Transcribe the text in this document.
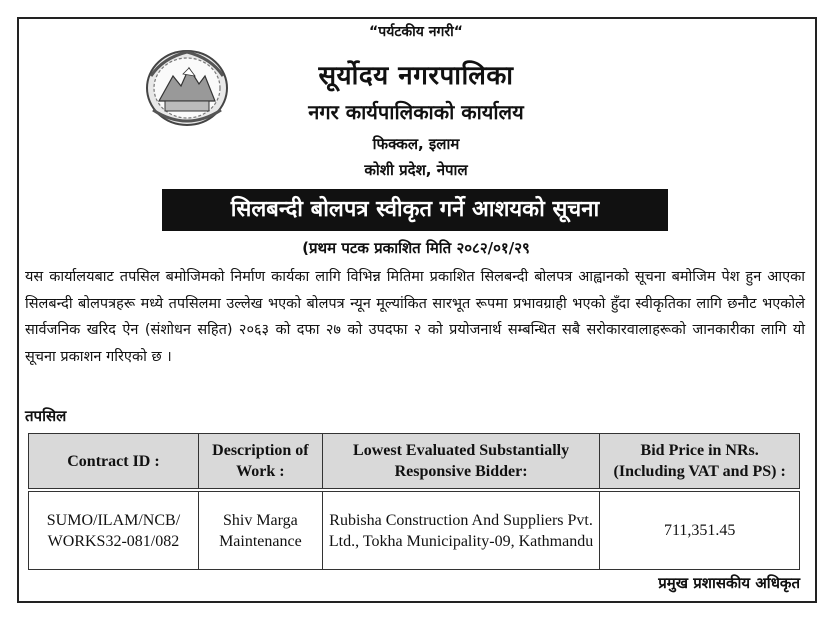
“पर्यटकीय नगरी“
सूर्योदय नगरपालिका
नगर कार्यपालिकाको कार्यालय
फिक्कल, इलाम
कोशी प्रदेश, नेपाल
सिलबन्दी बोलपत्र स्वीकृत गर्ने आशयको सूचना
(प्रथम पटक प्रकाशित मिति २०८२/०१/२९

यस कार्यालयबाट तपसिल बमोजिमको निर्माण कार्यका लागि विभिन्न मितिमा प्रकाशित सिलबन्दी बोलपत्र आह्वानको सूचना बमोजिम पेश हुन आएका सिलबन्दी बोलपत्रहरू मध्ये तपसिलमा उल्लेख भएको बोलपत्र न्यून मूल्यांकित सारभूत रूपमा प्रभावग्राही भएको हुँदा स्वीकृतिका लागि छनौट भएकोले सार्वजनिक खरिद ऐन (संशोधन सहित) २०६३ को दफा २७ को उपदफा २ को प्रयोजनार्थ सम्बन्धित सबै सरोकारवालाहरूको जानकारीका लागि यो सूचना प्रकाशन गरिएको छ ।

तपसिल
Contract ID :	Description of Work :	Lowest Evaluated Substantially Responsive Bidder:	Bid Price in NRs. (Including VAT and PS) :

SUMO/ILAM/NCB/ WORKS32-081/082	Shiv Marga Maintenance	Rubisha Construction And Suppliers Pvt. Ltd., Tokha Municipality-09, Kathmandu	711,351.45
प्रमुख प्रशासकीय अधिकृत
